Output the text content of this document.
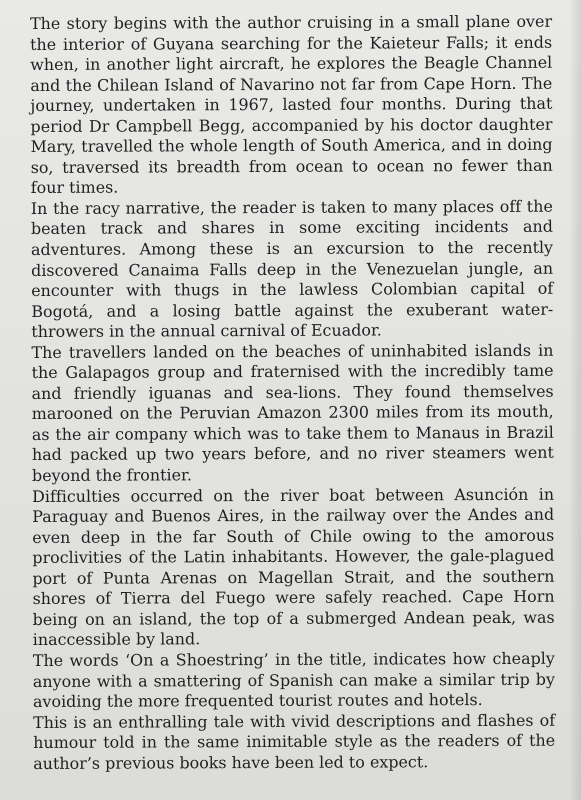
The story begins with the author cruising in a small plane over the interior of Guyana searching for the Kaieteur Falls; it ends when, in another light aircraft, he explores the Beagle Channel and the Chilean Island of Navarino not far from Cape Horn. The journey, undertaken in 1967, lasted four months. During that period Dr Campbell Begg, accompanied by his doctor daughter Mary, travelled the whole length of South America, and in doing so, traversed its breadth from ocean to ocean no fewer than four times.

In the racy narrative, the reader is taken to many places off the beaten track and shares in some exciting incidents and adventures. Among these is an excursion to the recently discovered Canaima Falls deep in the Venezuelan jungle, an encounter with thugs in the lawless Colombian capital of Bogotá, and a losing battle against the exuberant water-throwers in the annual carnival of Ecuador.

The travellers landed on the beaches of uninhabited islands in the Galapagos group and fraternised with the incredibly tame and friendly iguanas and sea-lions. They found themselves marooned on the Peruvian Amazon 2300 miles from its mouth, as the air company which was to take them to Manaus in Brazil had packed up two years before, and no river steamers went beyond the frontier.

Difficulties occurred on the river boat between Asunción in Paraguay and Buenos Aires, in the railway over the Andes and even deep in the far South of Chile owing to the amorous proclivities of the Latin inhabitants. However, the gale-plagued port of Punta Arenas on Magellan Strait, and the southern shores of Tierra del Fuego were safely reached. Cape Horn being on an island, the top of a submerged Andean peak, was inaccessible by land.

The words ‘On a Shoestring’ in the title, indicates how cheaply anyone with a smattering of Spanish can make a similar trip by avoiding the more frequented tourist routes and hotels.

This is an enthralling tale with vivid descriptions and flashes of humour told in the same inimitable style as the readers of the author’s previous books have been led to expect.
